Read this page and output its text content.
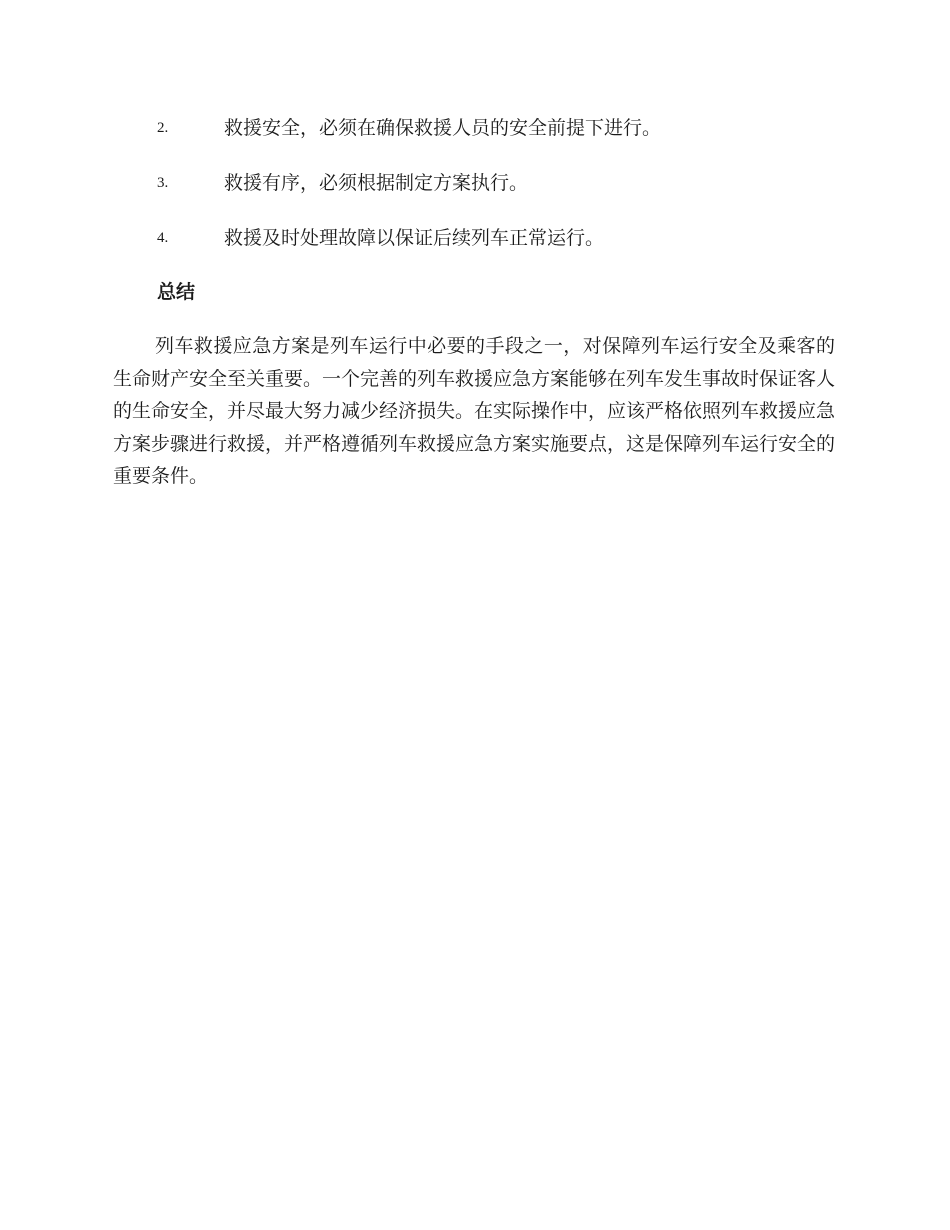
2.	救援安全，必须在确保救援人员的安全前提下进行。
3.	救援有序，必须根据制定方案执行。
4.	救援及时处理故障以保证后续列车正常运行。
总结

列车救援应急方案是列车运行中必要的手段之一，对保障列车运行安全及乘客的生命财产安全至关重要。一个完善的列车救援应急方案能够在列车发生事故时保证客人的生命安全，并尽最大努力减少经济损失。在实际操作中，应该严格依照列车救援应急方案步骤进行救援，并严格遵循列车救援应急方案实施要点，这是保障列车运行安全的重要条件。
